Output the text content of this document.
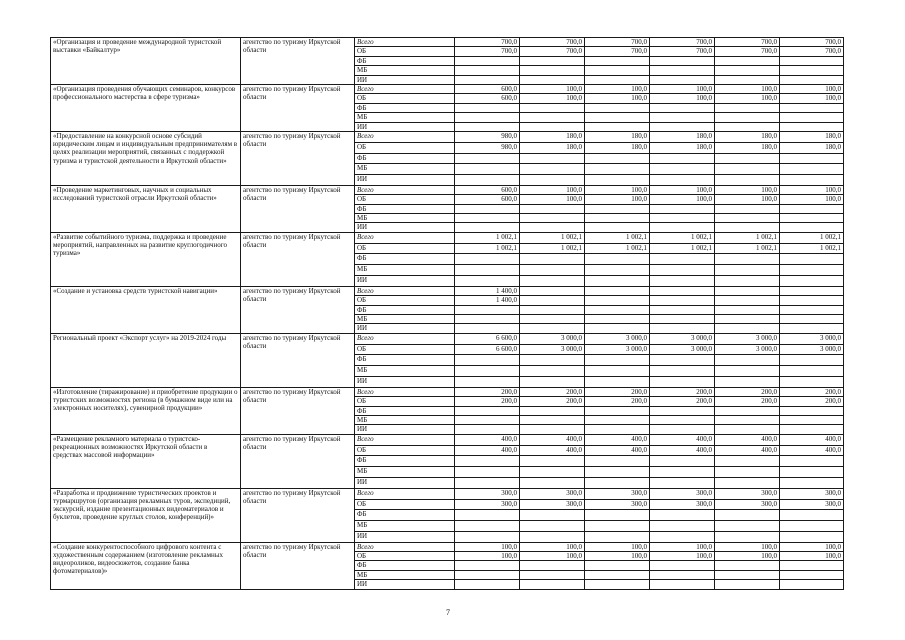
«Организация и проведение международной туристской выставки «Байкалтур»	агентство по туризму Иркутской области	Всего	700,0	700,0	700,0	700,0	700,0	700,0
		ОБ	700,0	700,0	700,0	700,0	700,0	700,0
		ФБ						
		МБ						
		ИИ						
«Организация проведения обучающих семинаров, конкурсов профессионального мастерства в сфере туризма»	агентство по туризму Иркутской области	Всего	600,0	100,0	100,0	100,0	100,0	100,0
		ОБ	600,0	100,0	100,0	100,0	100,0	100,0
		ФБ						
		МБ						
		ИИ						
«Предоставление на конкурсной основе субсидий юридическим лицам и индивидуальным предпринимателям в целях реализации мероприятий, связанных с поддержкой туризма и туристской деятельности в Иркутской области»	агентство по туризму Иркутской области	Всего	980,0	180,0	180,0	180,0	180,0	180,0
		ОБ	980,0	180,0	180,0	180,0	180,0	180,0
		ФБ						
		МБ						
		ИИ						
«Проведение маркетинговых, научных и социальных исследований туристской отрасли Иркутской области»	агентство по туризму Иркутской области	Всего	600,0	100,0	100,0	100,0	100,0	100,0
		ОБ	600,0	100,0	100,0	100,0	100,0	100,0
		ФБ						
		МБ						
		ИИ						
«Развитие событийного туризма, поддержка и проведение мероприятий, направленных на развитие круглогодичного туризма»	агентство по туризму Иркутской области	Всего	1 002,1	1 002,1	1 002,1	1 002,1	1 002,1	1 002,1
		ОБ	1 002,1	1 002,1	1 002,1	1 002,1	1 002,1	1 002,1
		ФБ						
		МБ						
		ИИ						
«Создание и установка средств туристской навигации»	агентство по туризму Иркутской области	Всего	1 400,0					
		ОБ	1 400,0					
		ФБ						
		МБ						
		ИИ						
Региональный проект «Экспорт услуг» на 2019-2024 годы	агентство по туризму Иркутской области	Всего	6 600,0	3 000,0	3 000,0	3 000,0	3 000,0	3 000,0
		ОБ	6 600,0	3 000,0	3 000,0	3 000,0	3 000,0	3 000,0
		ФБ						
		МБ						
		ИИ						
«Изготовление (тиражирование) и приобретение продукции о туристских возможностях региона (в бумажном виде или на электронных носителях), сувенирной продукции»	агентство по туризму Иркутской области	Всего	200,0	200,0	200,0	200,0	200,0	200,0
		ОБ	200,0	200,0	200,0	200,0	200,0	200,0
		ФБ						
		МБ						
		ИИ						
«Размещение рекламного материала о туристско-рекреационных возможностях Иркутской области в средствах массовой информации»	агентство по туризму Иркутской области	Всего	400,0	400,0	400,0	400,0	400,0	400,0
		ОБ	400,0	400,0	400,0	400,0	400,0	400,0
		ФБ						
		МБ						
		ИИ						
«Разработка и продвижение туристических проектов и турмаршрутов (организация рекламных туров, экспедиций, экскурсий, издание презентационных видеоматериалов и буклетов, проведение круглых столов, конференций)»	агентство по туризму Иркутской области	Всего	300,0	300,0	300,0	300,0	300,0	300,0
		ОБ	300,0	300,0	300,0	300,0	300,0	300,0
		ФБ						
		МБ						
		ИИ						
«Создание конкурентоспособного цифрового контента с художественным содержанием (изготовление рекламных видеороликов, видеосюжетов, создание банка фотоматериалов)»	агентство по туризму Иркутской области	Всего	100,0	100,0	100,0	100,0	100,0	100,0
		ОБ	100,0	100,0	100,0	100,0	100,0	100,0
		ФБ						
		МБ						
		ИИ						
7
